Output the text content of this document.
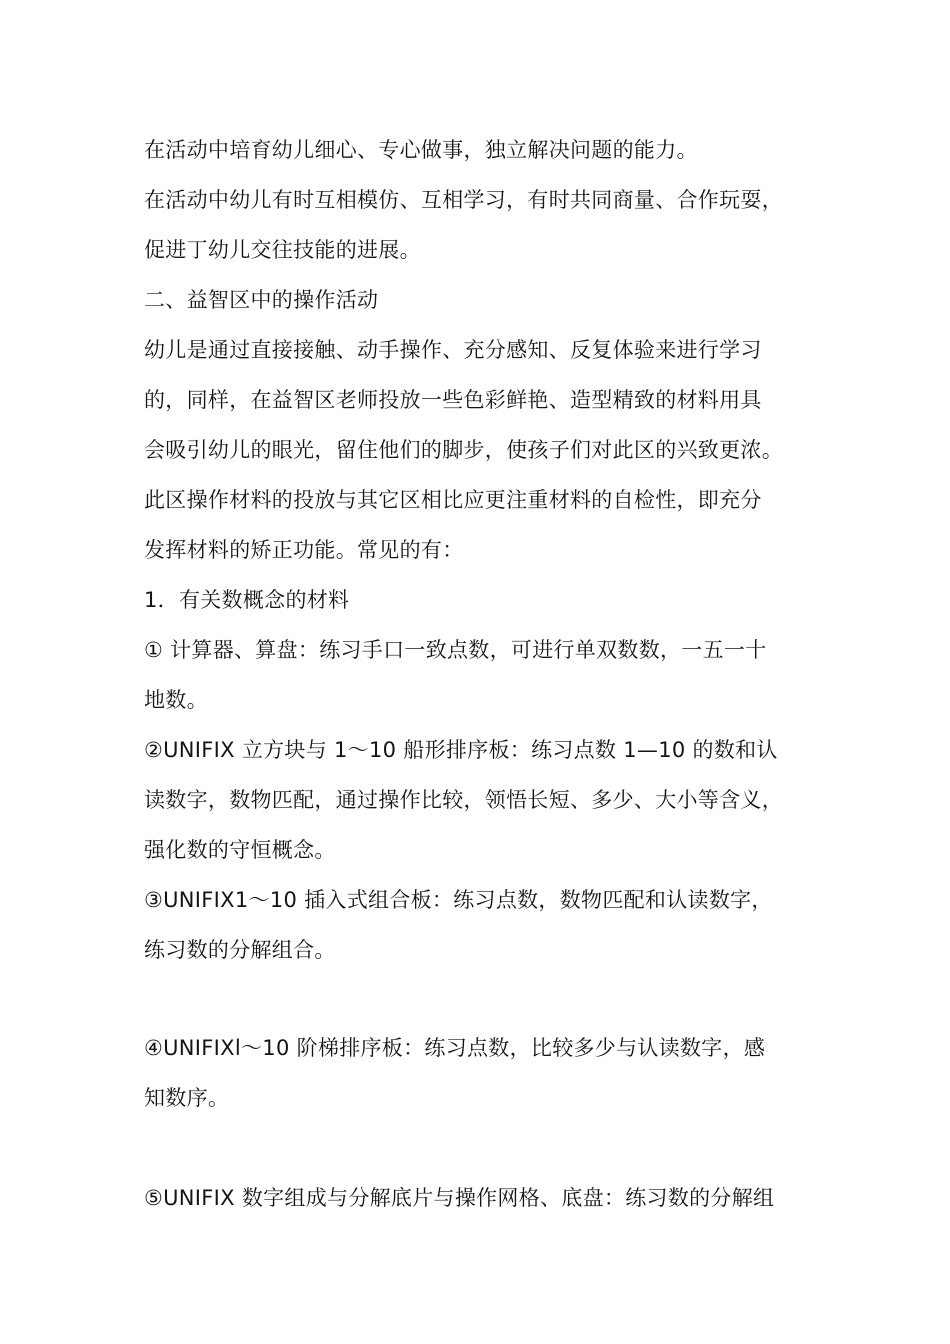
在活动中培育幼儿细心、专心做事，独立解决问题的能力。
在活动中幼儿有时互相模仿、互相学习，有时共同商量、合作玩耍，
促进丁幼儿交往技能的进展。
二、益智区中的操作活动
幼儿是通过直接接触、动手操作、充分感知、反复体验来进行学习
的，同样，在益智区老师投放一些色彩鲜艳、造型精致的材料用具
会吸引幼儿的眼光，留住他们的脚步，使孩子们对此区的兴致更浓。
此区操作材料的投放与其它区相比应更注重材料的自检性，即充分
发挥材料的矫正功能。常见的有：
1．有关数概念的材料
① 计算器、算盘：练习手口一致点数，可进行单双数数，一五一十
地数。
②UNIFIX 立方块与 1～10 船形排序板：练习点数 1—10 的数和认
读数字，数物匹配，通过操作比较，领悟长短、多少、大小等含义，
强化数的守恒概念。
③UNIFIX1～10 插入式组合板：练习点数，数物匹配和认读数字，
练习数的分解组合。
④UNIFIXl～10 阶梯排序板：练习点数，比较多少与认读数字，感
知数序。
⑤UNIFIX 数字组成与分解底片与操作网格、底盘：练习数的分解组
